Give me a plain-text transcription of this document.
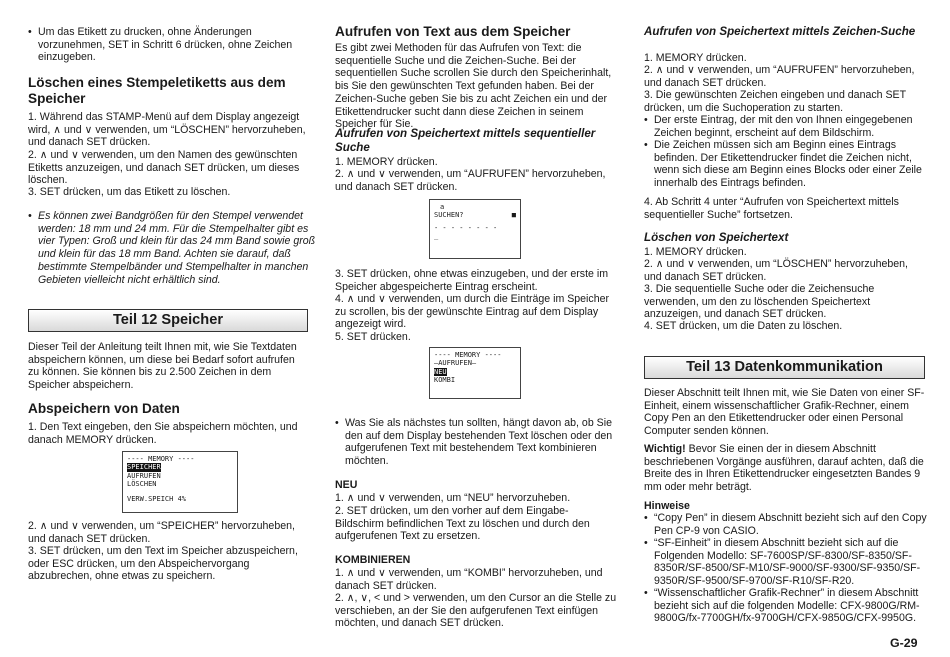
• Um das Etikett zu drucken, ohne Änderungen vorzunehmen, SET in Schritt 6 drücken, ohne Zeichen einzugeben.

Löschen eines Stempeletiketts aus dem Speicher

1. Während das STAMP-Menü auf dem Display angezeigt wird, ∧ und ∨ verwenden, um “LÖSCHEN” hervorzuheben, und danach SET drücken.

2. ∧ und ∨ verwenden, um den Namen des gewünschten Etiketts anzuzeigen, und danach SET drücken, um dieses löschen.

3. SET drücken, um das Etikett zu löschen.

• Es können zwei Bandgrößen für den Stempel verwendet werden: 18 mm und 24 mm. Für die Stempelhalter gibt es vier Typen: Groß und klein für das 24 mm Band sowie groß und klein für das 18 mm Band. Achten sie darauf, daß bestimmte Stempelbänder und Stempelhalter in manchen Gebieten vielleicht nicht erhältlich sind.

Teil 12 Speicher

Dieser Teil der Anleitung teilt Ihnen mit, wie Sie Textdaten abspeichern können, um diese bei Bedarf sofort aufrufen zu können. Sie können bis zu 2.500 Zeichen in dem Speicher abspeichern.

Abspeichern von Daten

1. Den Text eingeben, den Sie abspeichern möchten, und danach MEMORY drücken.

---- MEMORY ----
SPEICHER
AUFRUFEN
LÖSCHEN
VERW.SPEICH 4%

2. ∧ und ∨ verwenden, um “SPEICHER” hervorzuheben, und danach SET drücken.

3. SET drücken, um den Text im Speicher abzuspeichern, oder ESC drücken, um den Abspeichervorgang abzubrechen, ohne etwas zu speichern.

Aufrufen von Text aus dem Speicher

Es gibt zwei Methoden für das Aufrufen von Text: die sequentielle Suche und die Zeichen-Suche. Bei der sequentiellen Suche scrollen Sie durch den Speicherinhalt, bis Sie den gewünschten Text gefunden haben. Bei der Zeichen-Suche geben Sie bis zu acht Zeichen ein und der Etikettendrucker sucht dann diese Zeichen in seinem Speicher für Sie.

Aufrufen von Speichertext mittels sequentieller Suche

1. MEMORY drücken.

2. ∧ und ∨ verwenden, um “AUFRUFEN” hervorzuheben, und danach SET drücken.

a
SUCHEN?	■
- - - - - - - -
_

3. SET drücken, ohne etwas einzugeben, und der erste im Speicher abgespeicherte Eintrag erscheint.

4. ∧ und ∨ verwenden, um durch die Einträge im Speicher zu scrollen, bis der gewünschte Eintrag auf dem Display angezeigt wird.

5. SET drücken.

---- MEMORY ----
—AUFRUFEN—
NEU
KOMBI

• Was Sie als nächstes tun sollten, hängt davon ab, ob Sie den auf dem Display bestehenden Text löschen oder den aufgerufenen Text mit bestehendem Text kombinieren möchten.

NEU

1. ∧ und ∨ verwenden, um “NEU” hervorzuheben.

2. SET drücken, um den vorher auf dem Eingabe-Bildschirm befindlichen Text zu löschen und durch den aufgerufenen Text zu ersetzen.

KOMBINIEREN

1. ∧ und ∨ verwenden, um “KOMBI” hervorzuheben, und danach SET drücken.

2. ∧, ∨, < und > verwenden, um den Cursor an die Stelle zu verschieben, an der Sie den aufgerufenen Text einfügen möchten, und danach SET drücken.

Aufrufen von Speichertext mittels Zeichen-Suche

1. MEMORY drücken.

2. ∧ und ∨ verwenden, um “AUFRUFEN” hervorzuheben, und danach SET drücken.

3. Die gewünschten Zeichen eingeben und danach SET drücken, um die Suchoperation zu starten.

• Der erste Eintrag, der mit den von Ihnen eingegebenen Zeichen beginnt, erscheint auf dem Bildschirm.

• Die Zeichen müssen sich am Beginn eines Eintrags befinden. Der Etikettendrucker findet die Zeichen nicht, wenn sich diese am Beginn eines Blocks oder einer Zeile innerhalb des Eintrags befinden.

4. Ab Schritt 4 unter “Aufrufen von Speichertext mittels sequentieller Suche” fortsetzen.

Löschen von Speichertext

1. MEMORY drücken.

2. ∧ und ∨ verwenden, um “LÖSCHEN” hervorzuheben, und danach SET drücken.

3. Die sequentielle Suche oder die Zeichensuche verwenden, um den zu löschenden Speichertext anzuzeigen, und danach SET drücken.

4. SET drücken, um die Daten zu löschen.

Teil 13 Datenkommunikation

Dieser Abschnitt teilt Ihnen mit, wie Sie Daten von einer SF-Einheit, einem wissenschaftlicher Grafik-Rechner, einem Copy Pen an den Etikettendrucker oder einen Personal Computer senden können.

Wichtig! Bevor Sie einen der in diesem Abschnitt beschriebenen Vorgänge ausführen, darauf achten, daß die Breite des in Ihren Etikettendrucker eingesetzten Bandes 9 mm oder mehr beträgt.

Hinweise

• “Copy Pen” in diesem Abschnitt bezieht sich auf den Copy Pen CP-9 von CASIO.

• “SF-Einheit” in diesem Abschnitt bezieht sich auf die Folgenden Modello: SF-7600SP/SF-8300/SF-8350/SF-8350R/SF-8500/SF-M10/SF-9000/SF-9300/SF-9350/SF-9350R/SF-9500/SF-9700/SF-R10/SF-R20.

• “Wissenschaftlicher Grafik-Rechner” in diesem Abschnitt bezieht sich auf die folgenden Modelle: CFX-9800G/RM-9800G/fx-7700GH/fx-9700GH/CFX-9850G/CFX-9950G.

G-29
